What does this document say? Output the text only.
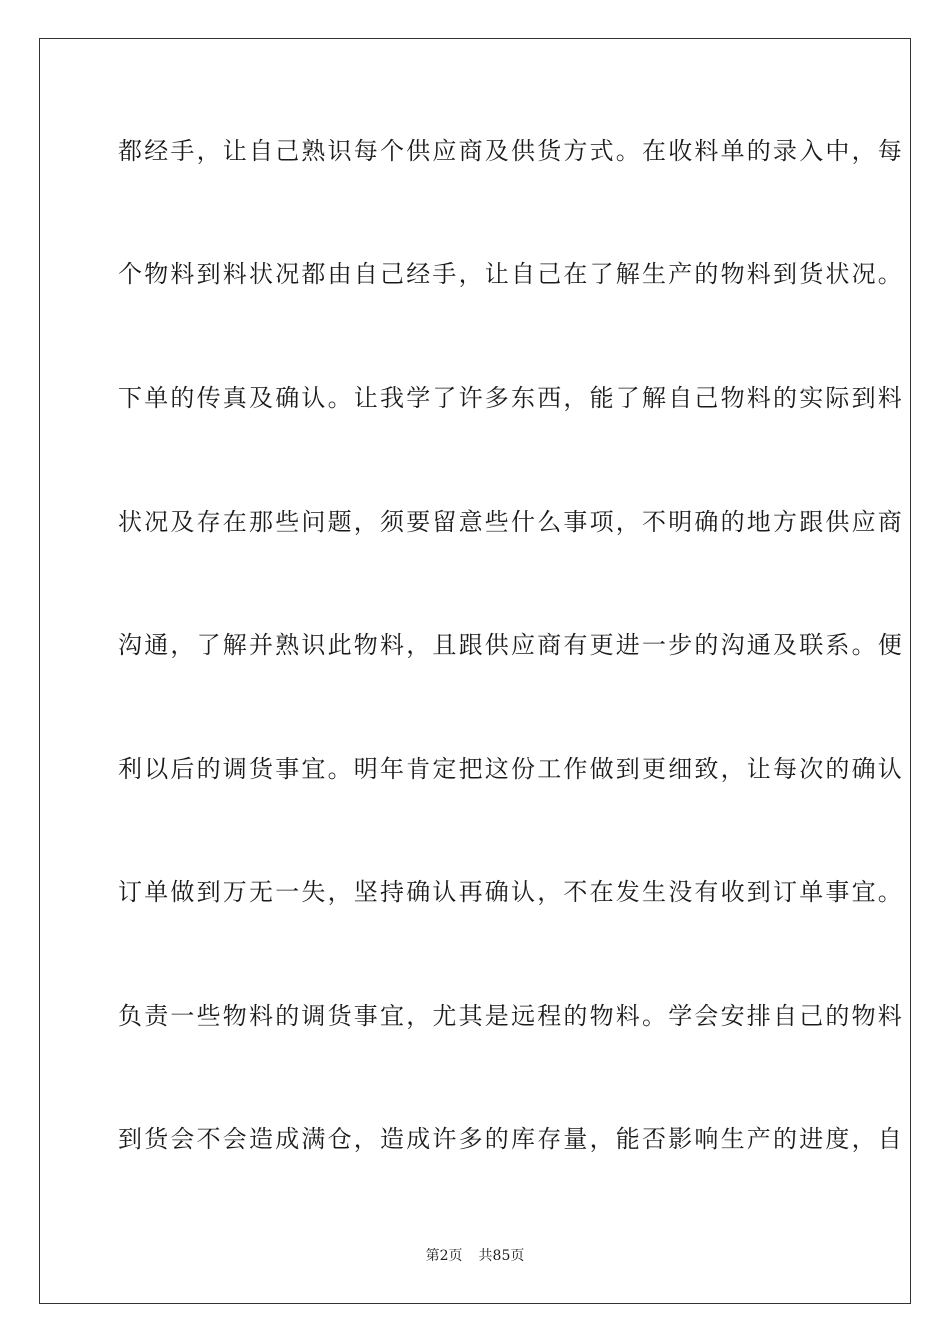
都经手，让自己熟识每个供应商及供货方式。在收料单的录入中，每
个物料到料状况都由自己经手，让自己在了解生产的物料到货状况。
下单的传真及确认。让我学了许多东西，能了解自己物料的实际到料
状况及存在那些问题，须要留意些什么事项，不明确的地方跟供应商
沟通，了解并熟识此物料，且跟供应商有更进一步的沟通及联系。便
利以后的调货事宜。明年肯定把这份工作做到更细致，让每次的确认
订单做到万无一失，坚持确认再确认，不在发生没有收到订单事宜。
负责一些物料的调货事宜，尤其是远程的物料。学会安排自己的物料
到货会不会造成满仓，造成许多的库存量，能否影响生产的进度，自
第2页 共85页
